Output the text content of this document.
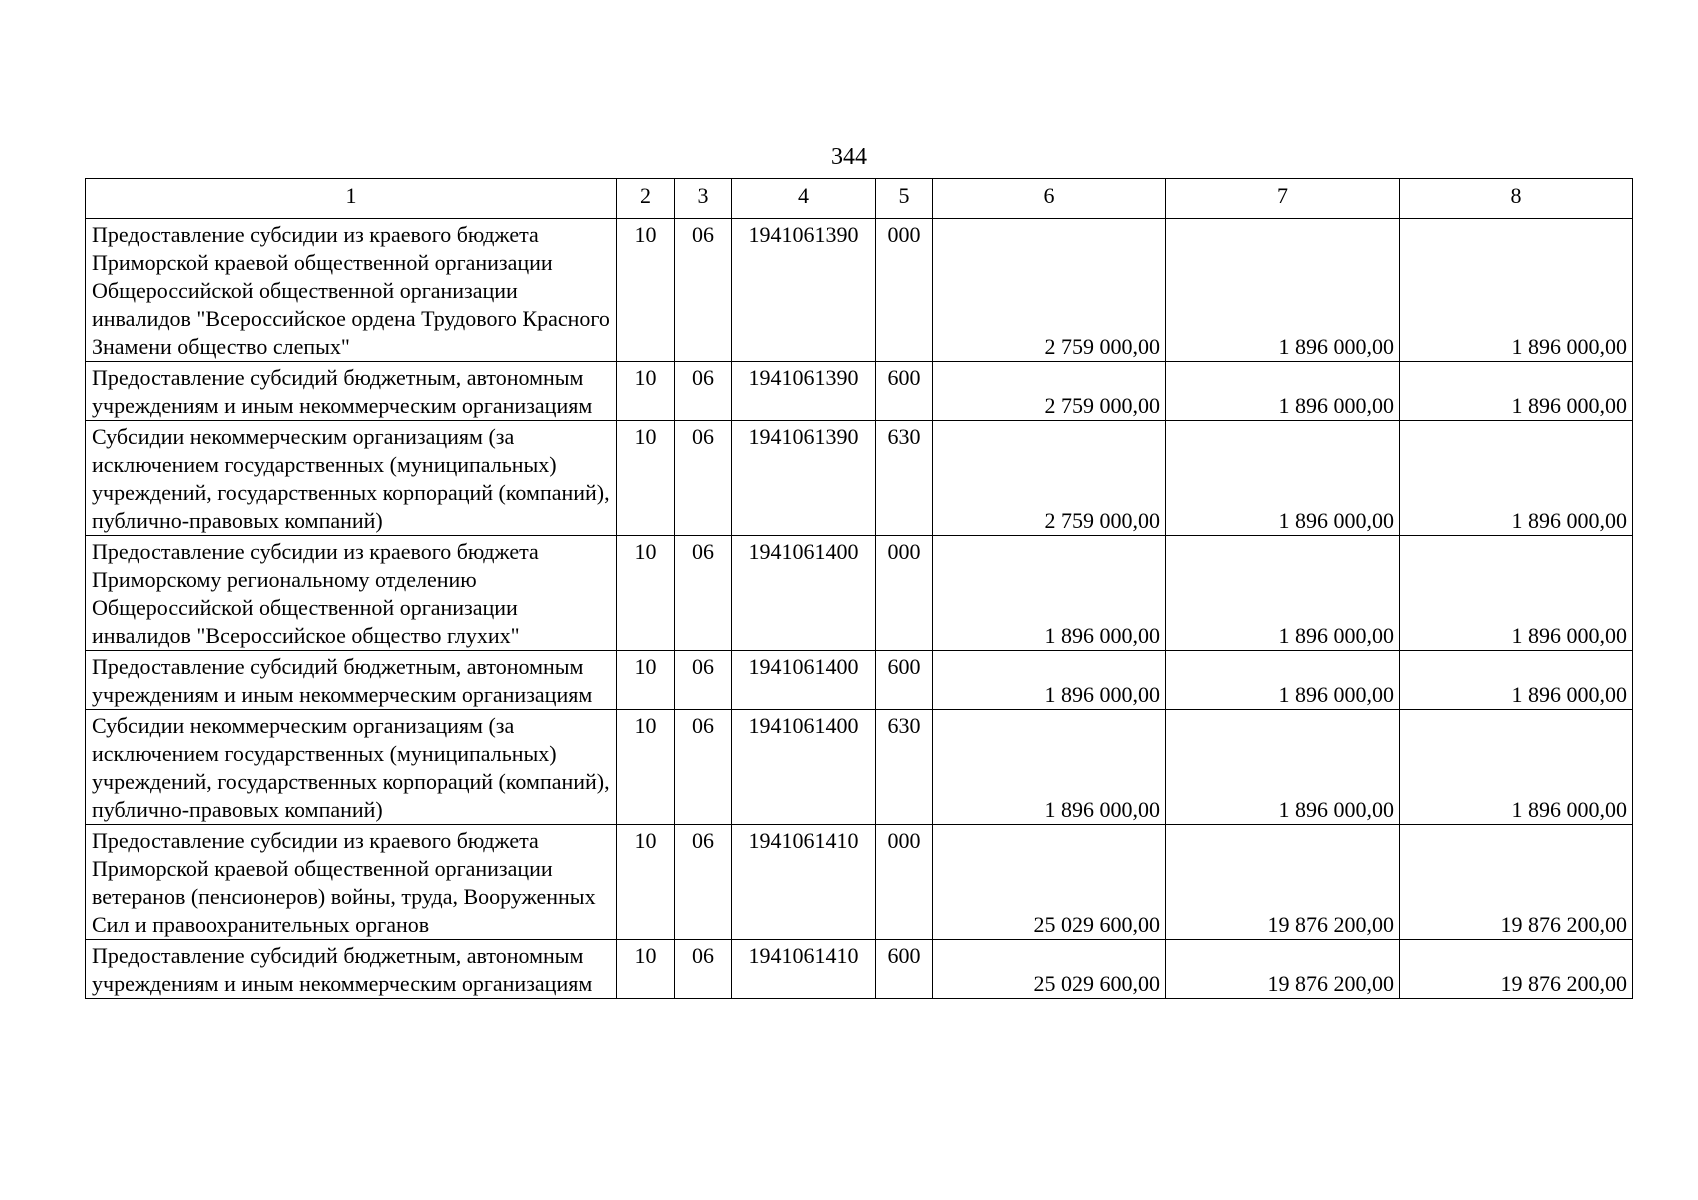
344
1	2	3	4	5	6	7	8
Предоставление субсидии из краевого бюджета Приморской краевой общественной организации Общероссийской общественной организации инвалидов "Всероссийское ордена Трудового Красного Знамени общество слепых"	10	06	1941061390	000	2 759 000,00	1 896 000,00	1 896 000,00
Предоставление субсидий бюджетным, автономным учреждениям и иным некоммерческим организациям	10	06	1941061390	600	2 759 000,00	1 896 000,00	1 896 000,00
Субсидии некоммерческим организациям (за исключением государственных (муниципальных) учреждений, государственных корпораций (компаний), публично-правовых компаний)	10	06	1941061390	630	2 759 000,00	1 896 000,00	1 896 000,00
Предоставление субсидии из краевого бюджета Приморскому региональному отделению Общероссийской общественной организации инвалидов "Всероссийское общество глухих"	10	06	1941061400	000	1 896 000,00	1 896 000,00	1 896 000,00
Предоставление субсидий бюджетным, автономным учреждениям и иным некоммерческим организациям	10	06	1941061400	600	1 896 000,00	1 896 000,00	1 896 000,00
Субсидии некоммерческим организациям (за исключением государственных (муниципальных) учреждений, государственных корпораций (компаний), публично-правовых компаний)	10	06	1941061400	630	1 896 000,00	1 896 000,00	1 896 000,00
Предоставление субсидии из краевого бюджета Приморской краевой общественной организации ветеранов (пенсионеров) войны, труда, Вооруженных Сил и правоохранительных органов	10	06	1941061410	000	25 029 600,00	19 876 200,00	19 876 200,00
Предоставление субсидий бюджетным, автономным учреждениям и иным некоммерческим организациям	10	06	1941061410	600	25 029 600,00	19 876 200,00	19 876 200,00
